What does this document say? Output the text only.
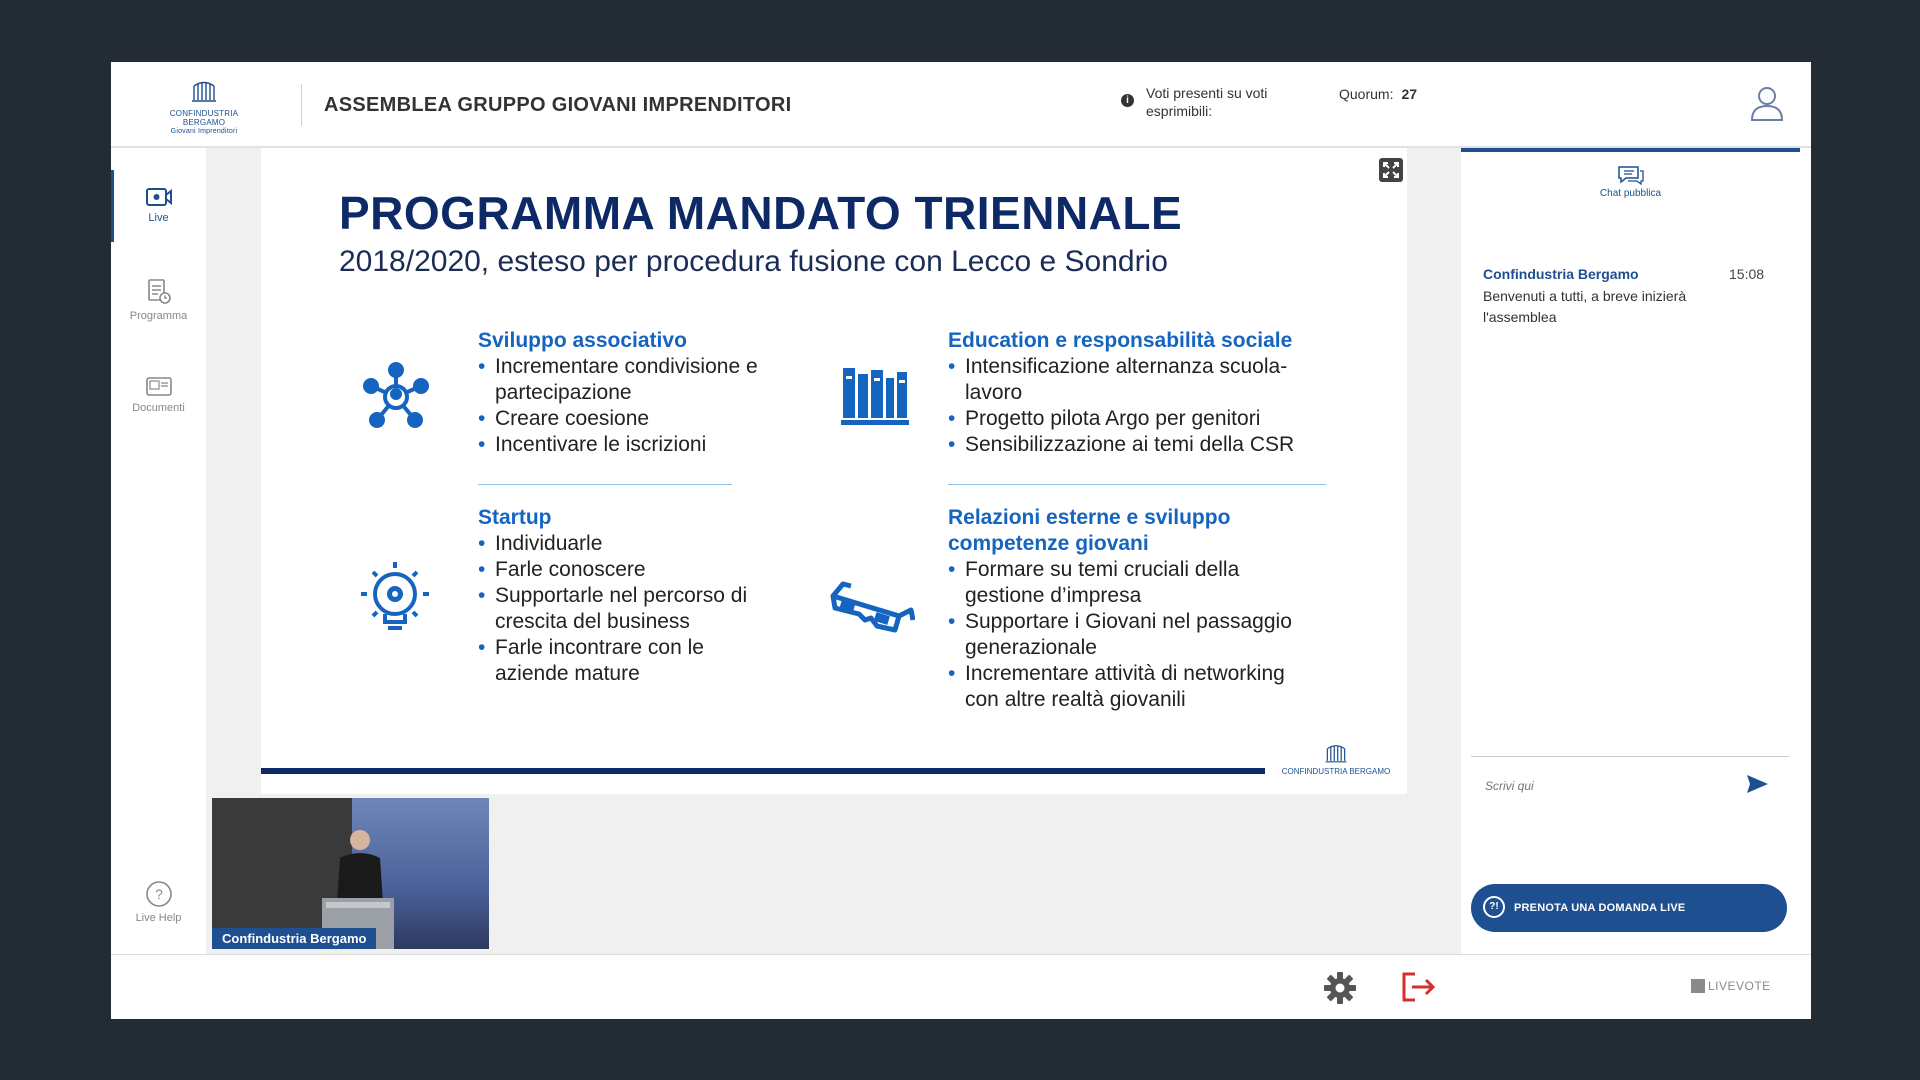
CONFINDUSTRIA BERGAMO
Giovani Imprenditori
ASSEMBLEA GRUPPO GIOVANI IMPRENDITORI	i	Voti presenti su voti esprimibili:
Quorum: 27
Live
Programma
Documenti
?
Live Help
PROGRAMMA MANDATO TRIENNALE
2018/2020, esteso per procedura fusione con Lecco e Sondrio
Sviluppo associativo
• Incrementare condivisione e partecipazione
• Creare coesione
• Incentivare le iscrizioni
Education e responsabilità sociale
• Intensificazione alternanza scuola-lavoro
• Progetto pilota Argo per genitori
• Sensibilizzazione ai temi della CSR
Startup
• Individuarle
• Farle conoscere
• Supportarle nel percorso di crescita del business
• Farle incontrare con le aziende mature
Relazioni esterne e sviluppo competenze giovani
• Formare su temi cruciali della gestione d’impresa
• Supportare i Giovani nel passaggio generazionale
• Incrementare attività di networking con altre realtà giovanili
CONFINDUSTRIA BERGAMO
Confindustria Bergamo
Chat pubblica
Confindustria Bergamo	15:08
Benvenuti a tutti, a breve inizierà l'assemblea
Scrivi qui
?!	PRENOTA UNA DOMANDA LIVE
LIVEVOTE
